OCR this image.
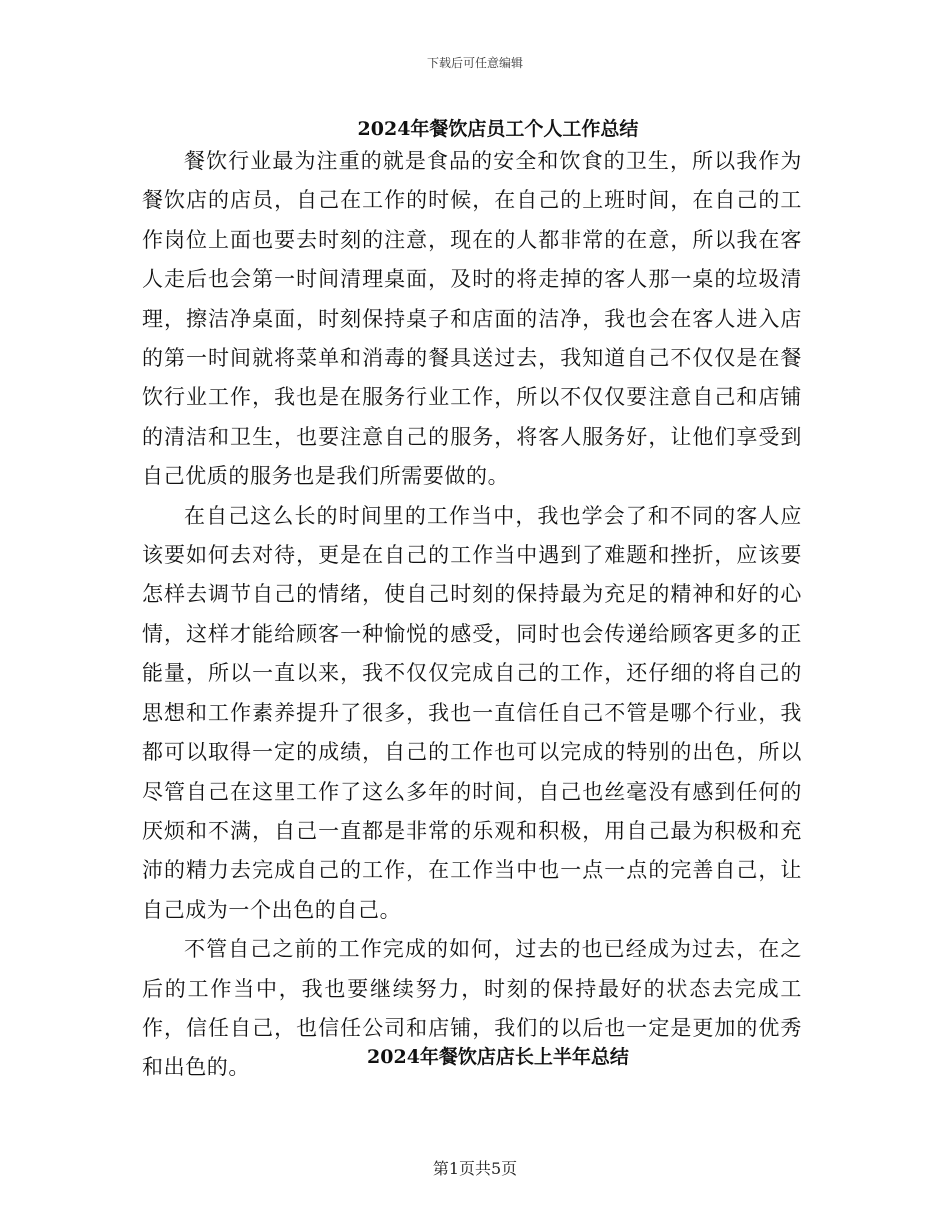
下载后可任意编辑
2024年餐饮店员工个人工作总结

餐饮行业最为注重的就是食品的安全和饮食的卫生，所以我作为餐饮店的店员，自己在工作的时候，在自己的上班时间，在自己的工作岗位上面也要去时刻的注意，现在的人都非常的在意，所以我在客人走后也会第一时间清理桌面，及时的将走掉的客人那一桌的垃圾清理，擦洁净桌面，时刻保持桌子和店面的洁净，我也会在客人进入店的第一时间就将菜单和消毒的餐具送过去，我知道自己不仅仅是在餐饮行业工作，我也是在服务行业工作，所以不仅仅要注意自己和店铺的清洁和卫生，也要注意自己的服务，将客人服务好，让他们享受到自己优质的服务也是我们所需要做的。

在自己这么长的时间里的工作当中，我也学会了和不同的客人应该要如何去对待，更是在自己的工作当中遇到了难题和挫折，应该要怎样去调节自己的情绪，使自己时刻的保持最为充足的精神和好的心情，这样才能给顾客一种愉悦的感受，同时也会传递给顾客更多的正能量，所以一直以来，我不仅仅完成自己的工作，还仔细的将自己的思想和工作素养提升了很多，我也一直信任自己不管是哪个行业，我都可以取得一定的成绩，自己的工作也可以完成的特别的出色，所以尽管自己在这里工作了这么多年的时间，自己也丝毫没有感到任何的厌烦和不满，自己一直都是非常的乐观和积极，用自己最为积极和充沛的精力去完成自己的工作，在工作当中也一点一点的完善自己，让自己成为一个出色的自己。

不管自己之前的工作完成的如何，过去的也已经成为过去，在之后的工作当中，我也要继续努力，时刻的保持最好的状态去完成工作，信任自己，也信任公司和店铺，我们的以后也一定是更加的优秀和出色的。	2024年餐饮店店长上半年总结
第1页共5页
